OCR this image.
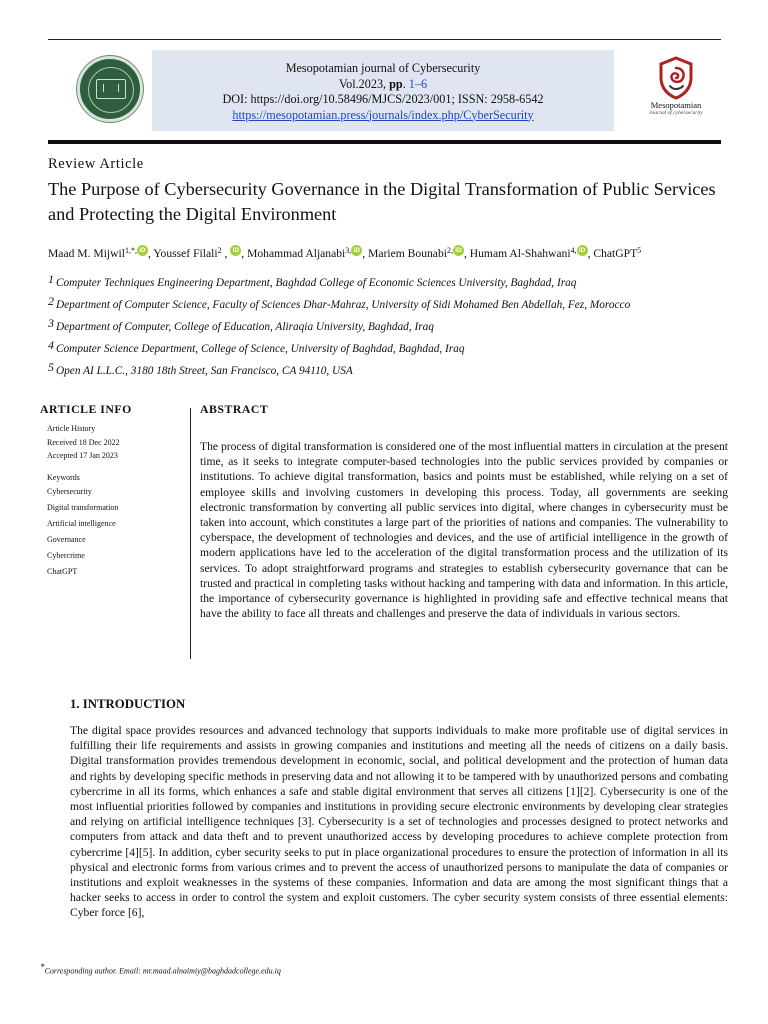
Mesopotamian journal of Cybersecurity
Vol.2023, pp. 1–6
DOI: https://doi.org/10.58496/MJCS/2023/001; ISSN: 2958-6542
https://mesopotamian.press/journals/index.php/CyberSecurity
Mesopotamian
Journal of cybersecurity
Review Article
The Purpose of Cybersecurity Governance in the Digital Transformation of Public Services and Protecting the Digital Environment
Maad M. Mijwil$^{1,*,}$ iD , Youssef Filali$^2$ , iD , Mohammad Aljanabi$^{3,}$ iD , Mariem Bounabi$^{2,}$ iD , Humam Al-Shahwani$^{4,}$ iD , ChatGPT$^5$
$^1$ Computer Techniques Engineering Department, Baghdad College of Economic Sciences University, Baghdad, Iraq
$^2$ Department of Computer Science, Faculty of Sciences Dhar-Mahraz, University of Sidi Mohamed Ben Abdellah, Fez, Morocco
$^3$ Department of Computer, College of Education, Aliraqia University, Baghdad, Iraq
$^4$ Computer Science Department, College of Science, University of Baghdad, Baghdad, Iraq
$^5$ Open AI L.L.C., 3180 18th Street, San Francisco, CA 94110, USA
ARTICLE INFO
Article History
Received 18 Dec 2022
Accepted 17 Jan 2023
Keywords
Cybersecurity
Digital transformation
Artificial intelligence
Governance
Cybercrime
ChatGPT
ABSTRACT
The process of digital transformation is considered one of the most influential matters in circulation at the present time, as it seeks to integrate computer-based technologies into the public services provided by companies or institutions. To achieve digital transformation, basics and points must be established, while relying on a set of employee skills and involving customers in developing this process. Today, all governments are seeking electronic transformation by converting all public services into digital, where changes in cybersecurity must be taken into account, which constitutes a large part of the priorities of nations and companies. The vulnerability to cyberspace, the development of technologies and devices, and the use of artificial intelligence in the growth of modern applications have led to the acceleration of the digital transformation process and the utilization of its services. To adopt straightforward programs and strategies to establish cybersecurity governance that can be trusted and practical in completing tasks without hacking and tampering with data and information. In this article, the importance of cybersecurity governance is highlighted in providing safe and effective technical means that have the ability to face all threats and challenges and preserve the data of individuals in various sectors.
1. INTRODUCTION
The digital space provides resources and advanced technology that supports individuals to make more profitable use of digital services in fulfilling their life requirements and assists in growing companies and institutions and meeting all the needs of citizens on a daily basis. Digital transformation provides tremendous development in economic, social, and political development and the protection of human data and rights by developing specific methods in preserving data and not allowing it to be tampered with by unauthorized persons and combating cybercrime in all its forms, which enhances a safe and stable digital environment that serves all citizens [1][2]. Cybersecurity is one of the most influential priorities followed by companies and institutions in providing secure electronic environments by developing clear strategies and relying on artificial intelligence techniques [3]. Cybersecurity is a set of technologies and processes designed to protect networks and computers from attack and data theft and to prevent unauthorized access by developing procedures to achieve complete protection from cybercrime [4][5]. In addition, cyber security seeks to put in place organizational procedures to ensure the protection of information in all its physical and electronic forms from various crimes and to prevent the access of unauthorized persons to manipulate the data of companies or institutions and exploit weaknesses in the systems of these companies. Information and data are among the most significant things that a hacker seeks to access in order to control the system and exploit customers. The cyber security system consists of three essential elements: Cyber force [6],
*Corresponding author. Email: mr.maad.alnaimiy@baghdadcollege.edu.iq
